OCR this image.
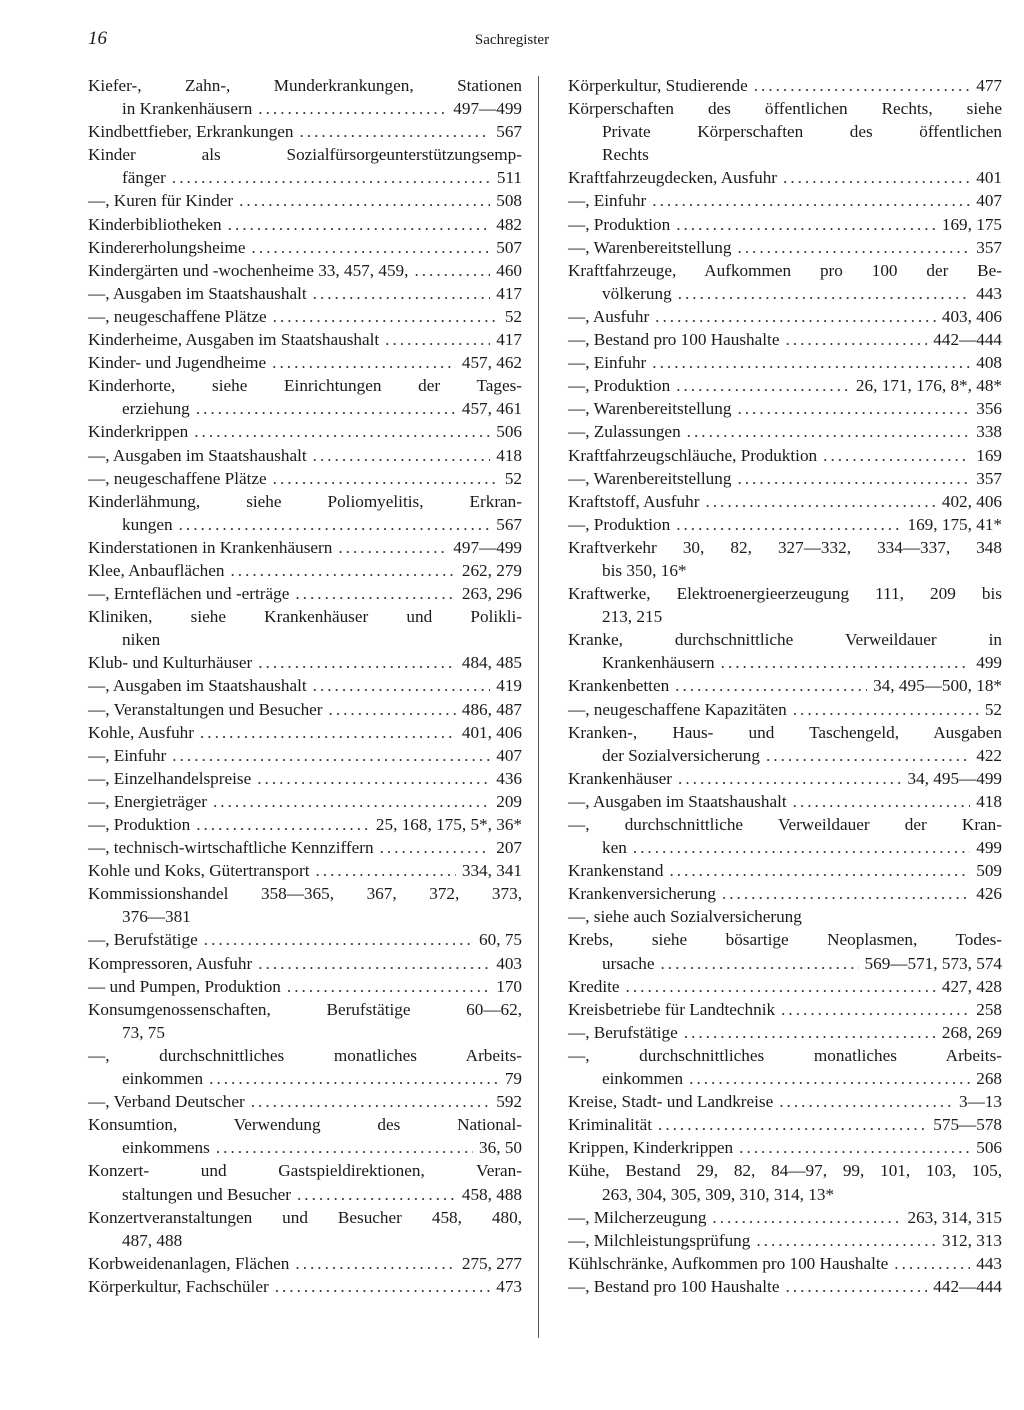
16	Sachregister
Kiefer-, Zahn-, Munderkrankungen, Stationen
in Krankenhäusern .....	497—499
Kindbettfieber, Erkrankungen .....	567
Kinder als Sozialfürsorgeunterstützungsemp-
fänger .....	511
—, Kuren für Kinder .....	508
Kinderbibliotheken .....	482
Kindererholungsheime .....	507
Kindergärten und -wochenheime 33, 457, 459, .....	460
—, Ausgaben im Staatshaushalt .....	417
—, neugeschaffene Plätze .....	52
Kinderheime, Ausgaben im Staatshaushalt .....	417
Kinder- und Jugendheime .....	457, 462
Kinderhorte, siehe Einrichtungen der Tages-
erziehung .....	457, 461
Kinderkrippen .....	506
—, Ausgaben im Staatshaushalt .....	418
—, neugeschaffene Plätze .....	52
Kinderlähmung, siehe Poliomyelitis, Erkran-
kungen .....	567
Kinderstationen in Krankenhäusern .....	497—499
Klee, Anbauflächen .....	262, 279
—, Ernteflächen und -erträge .....	263, 296
Kliniken, siehe Krankenhäuser und Polikli-
niken
Klub- und Kulturhäuser .....	484, 485
—, Ausgaben im Staatshaushalt .....	419
—, Veranstaltungen und Besucher .....	486, 487
Kohle, Ausfuhr .....	401, 406
—, Einfuhr .....	407
—, Einzelhandelspreise .....	436
—, Energieträger .....	209
—, Produktion .....	25, 168, 175, 5*, 36*
—, technisch-wirtschaftliche Kennziffern .....	207
Kohle und Koks, Gütertransport .....	334, 341
Kommissionshandel 358—365, 367, 372, 373,
376—381
—, Berufstätige .....	60, 75
Kompressoren, Ausfuhr .....	403
— und Pumpen, Produktion .....	170
Konsumgenossenschaften, Berufstätige 60—62,
73, 75
—, durchschnittliches monatliches Arbeits-
einkommen .....	79
—, Verband Deutscher .....	592
Konsumtion, Verwendung des National-
einkommens .....	36, 50
Konzert- und Gastspieldirektionen, Veran-
staltungen und Besucher .....	458, 488
Konzertveranstaltungen und Besucher 458, 480,
487, 488
Korbweidenanlagen, Flächen .....	275, 277
Körperkultur, Fachschüler .....	473
Körperkultur, Studierende .....	477
Körperschaften des öffentlichen Rechts, siehe
Private Körperschaften des öffentlichen
Rechts
Kraftfahrzeugdecken, Ausfuhr .....	401
—, Einfuhr .....	407
—, Produktion .....	169, 175
—, Warenbereitstellung .....	357
Kraftfahrzeuge, Aufkommen pro 100 der Be-
völkerung .....	443
—, Ausfuhr .....	403, 406
—, Bestand pro 100 Haushalte .....	442—444
—, Einfuhr .....	408
—, Produktion .....	26, 171, 176, 8*, 48*
—, Warenbereitstellung .....	356
—, Zulassungen .....	338
Kraftfahrzeugschläuche, Produktion .....	169
—, Warenbereitstellung .....	357
Kraftstoff, Ausfuhr .....	402, 406
—, Produktion .....	169, 175, 41*
Kraftverkehr 30, 82, 327—332, 334—337, 348
bis 350, 16*
Kraftwerke, Elektroenergieerzeugung 111, 209 bis
213, 215
Kranke, durchschnittliche Verweildauer in
Krankenhäusern .....	499
Krankenbetten .....	34, 495—500, 18*
—, neugeschaffene Kapazitäten .....	52
Kranken-, Haus- und Taschengeld, Ausgaben
der Sozialversicherung .....	422
Krankenhäuser .....	34, 495—499
—, Ausgaben im Staatshaushalt .....	418
—, durchschnittliche Verweildauer der Kran-
ken .....	499
Krankenstand .....	509
Krankenversicherung .....	426
—, siehe auch Sozialversicherung
Krebs, siehe bösartige Neoplasmen, Todes-
ursache .....	569—571, 573, 574
Kredite .....	427, 428
Kreisbetriebe für Landtechnik .....	258
—, Berufstätige .....	268, 269
—, durchschnittliches monatliches Arbeits-
einkommen .....	268
Kreise, Stadt- und Landkreise .....	3—13
Kriminalität .....	575—578
Krippen, Kinderkrippen .....	506
Kühe, Bestand 29, 82, 84—97, 99, 101, 103, 105,
263, 304, 305, 309, 310, 314, 13*
—, Milcherzeugung .....	263, 314, 315
—, Milchleistungsprüfung .....	312, 313
Kühlschränke, Aufkommen pro 100 Haushalte .....	443
—, Bestand pro 100 Haushalte .....	442—444
